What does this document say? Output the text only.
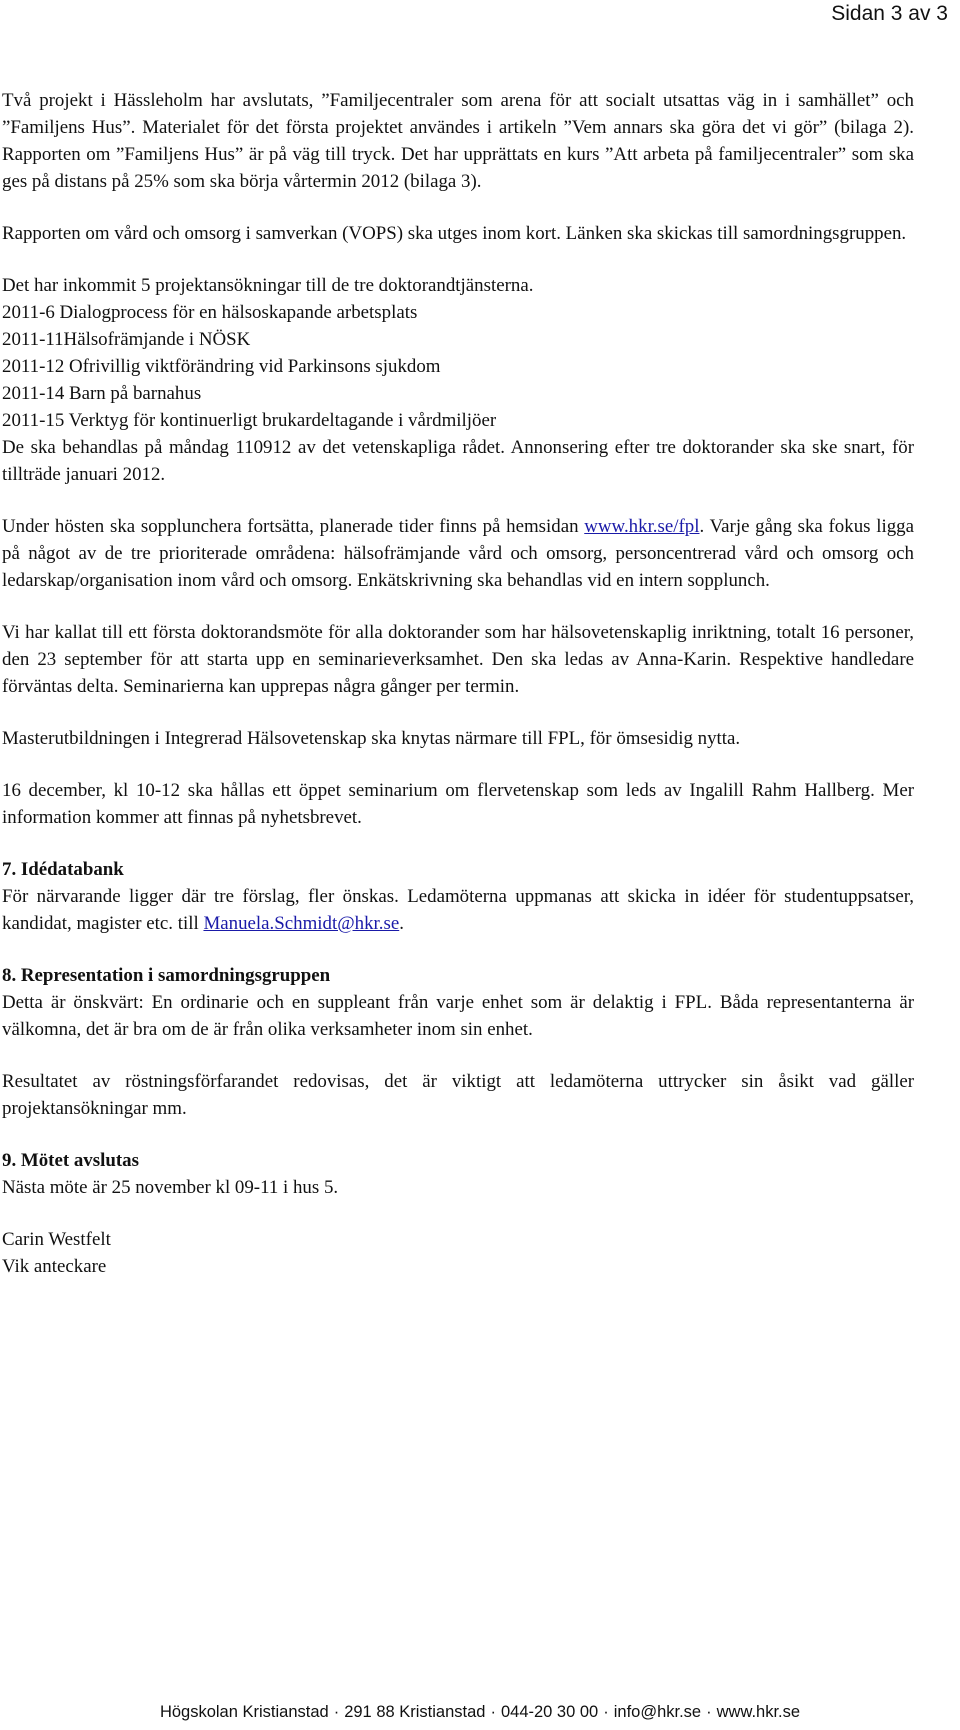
Sidan 3 av 3

Två projekt i Hässleholm har avslutats, ”Familjecentraler som arena för att socialt utsattas väg in i samhället” och ”Familjens Hus”. Materialet för det första projektet användes i artikeln ”Vem annars ska göra det vi gör” (bilaga 2). Rapporten om ”Familjens Hus” är på väg till tryck. Det har upprättats en kurs ”Att arbeta på familjecentraler” som ska ges på distans på 25% som ska börja vårtermin 2012 (bilaga 3).

Rapporten om vård och omsorg i samverkan (VOPS) ska utges inom kort. Länken ska skickas till samordningsgruppen.

Det har inkommit 5 projektansökningar till de tre doktorandtjänsterna.
2011-6 Dialogprocess för en hälsoskapande arbetsplats
2011-11Hälsofrämjande i NÖSK
2011-12 Ofrivillig viktförändring vid Parkinsons sjukdom
2011-14 Barn på barnahus
2011-15 Verktyg för kontinuerligt brukardeltagande i vårdmiljöer
De ska behandlas på måndag 110912 av det vetenskapliga rådet. Annonsering efter tre doktorander ska ske snart, för tillträde januari 2012.

Under hösten ska sopplunchera fortsätta, planerade tider finns på hemsidan www.hkr.se/fpl. Varje gång ska fokus ligga på något av de tre prioriterade områdena: hälsofrämjande vård och omsorg, personcentrerad vård och omsorg och ledarskap/organisation inom vård och omsorg. Enkätskrivning ska behandlas vid en intern sopplunch.

Vi har kallat till ett första doktorandsmöte för alla doktorander som har hälsovetenskaplig inriktning, totalt 16 personer, den 23 september för att starta upp en seminarieverksamhet. Den ska ledas av Anna-Karin. Respektive handledare förväntas delta. Seminarierna kan upprepas några gånger per termin.

Masterutbildningen i Integrerad Hälsovetenskap ska knytas närmare till FPL, för ömsesidig nytta.

16 december, kl 10-12 ska hållas ett öppet seminarium om flervetenskap som leds av Ingalill Rahm Hallberg. Mer information kommer att finnas på nyhetsbrevet.

7. Idédatabank
För närvarande ligger där tre förslag, fler önskas. Ledamöterna uppmanas att skicka in idéer för studentuppsatser, kandidat, magister etc. till Manuela.Schmidt@hkr.se.

8. Representation i samordningsgruppen
Detta är önskvärt: En ordinarie och en suppleant från varje enhet som är delaktig i FPL. Båda representanterna är välkomna, det är bra om de är från olika verksamheter inom sin enhet.

Resultatet av röstningsförfarandet redovisas, det är viktigt att ledamöterna uttrycker sin åsikt vad gäller projektansökningar mm.

9. Mötet avslutas
Nästa möte är 25 november kl 09-11 i hus 5.

Carin Westfelt
Vik anteckare

Högskolan Kristianstad · 291 88 Kristianstad · 044-20 30 00 · info@hkr.se · www.hkr.se
